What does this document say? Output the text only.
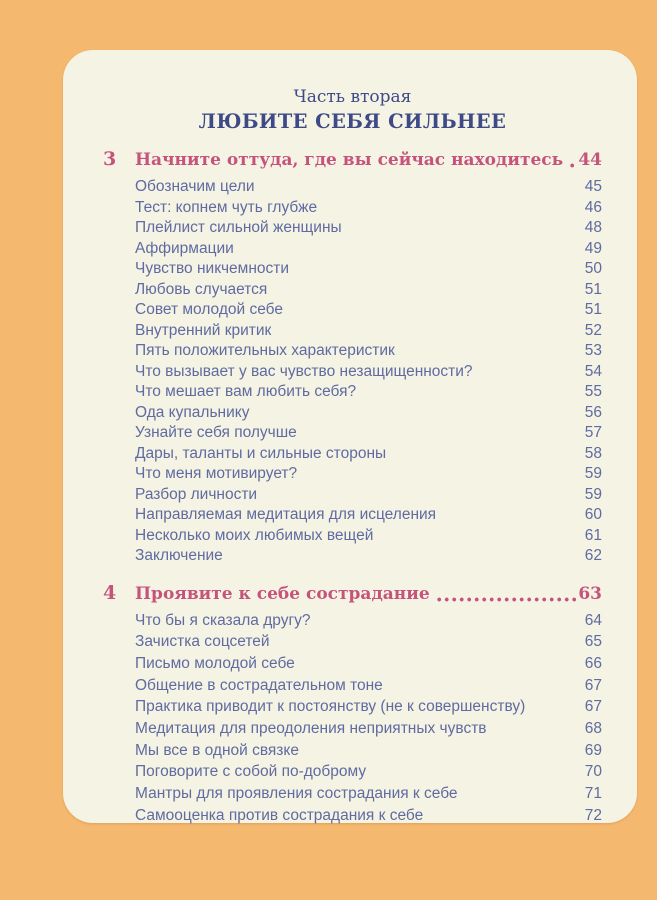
Часть вторая
ЛЮБИТЕ СЕБЯ СИЛЬНЕЕ
3	Начните оттуда, где вы сейчас находитесь 44
Обозначим цели	45
Тест: копнем чуть глубже	46
Плейлист сильной женщины	48
Аффирмации	49
Чувство никчемности	50
Любовь случается	51
Совет молодой себе	51
Внутренний критик	52
Пять положительных характеристик	53
Что вызывает у вас чувство незащищенности?	54
Что мешает вам любить себя?	55
Ода купальнику	56
Узнайте себя получше	57
Дары, таланты и сильные стороны	58
Что меня мотивирует?	59
Разбор личности	59
Направляемая медитация для исцеления	60
Несколько моих любимых вещей	61
Заключение	62
4	Проявите к себе сострадание	63
Что бы я сказала другу?	64
Зачистка соцсетей	65
Письмо молодой себе	66
Общение в сострадательном тоне	67
Практика приводит к постоянству (не к совершенству)	67
Медитация для преодоления неприятных чувств	68
Мы все в одной связке	69
Поговорите с собой по-доброму	70
Мантры для проявления сострадания к себе	71
Самооценка против сострадания к себе	72
